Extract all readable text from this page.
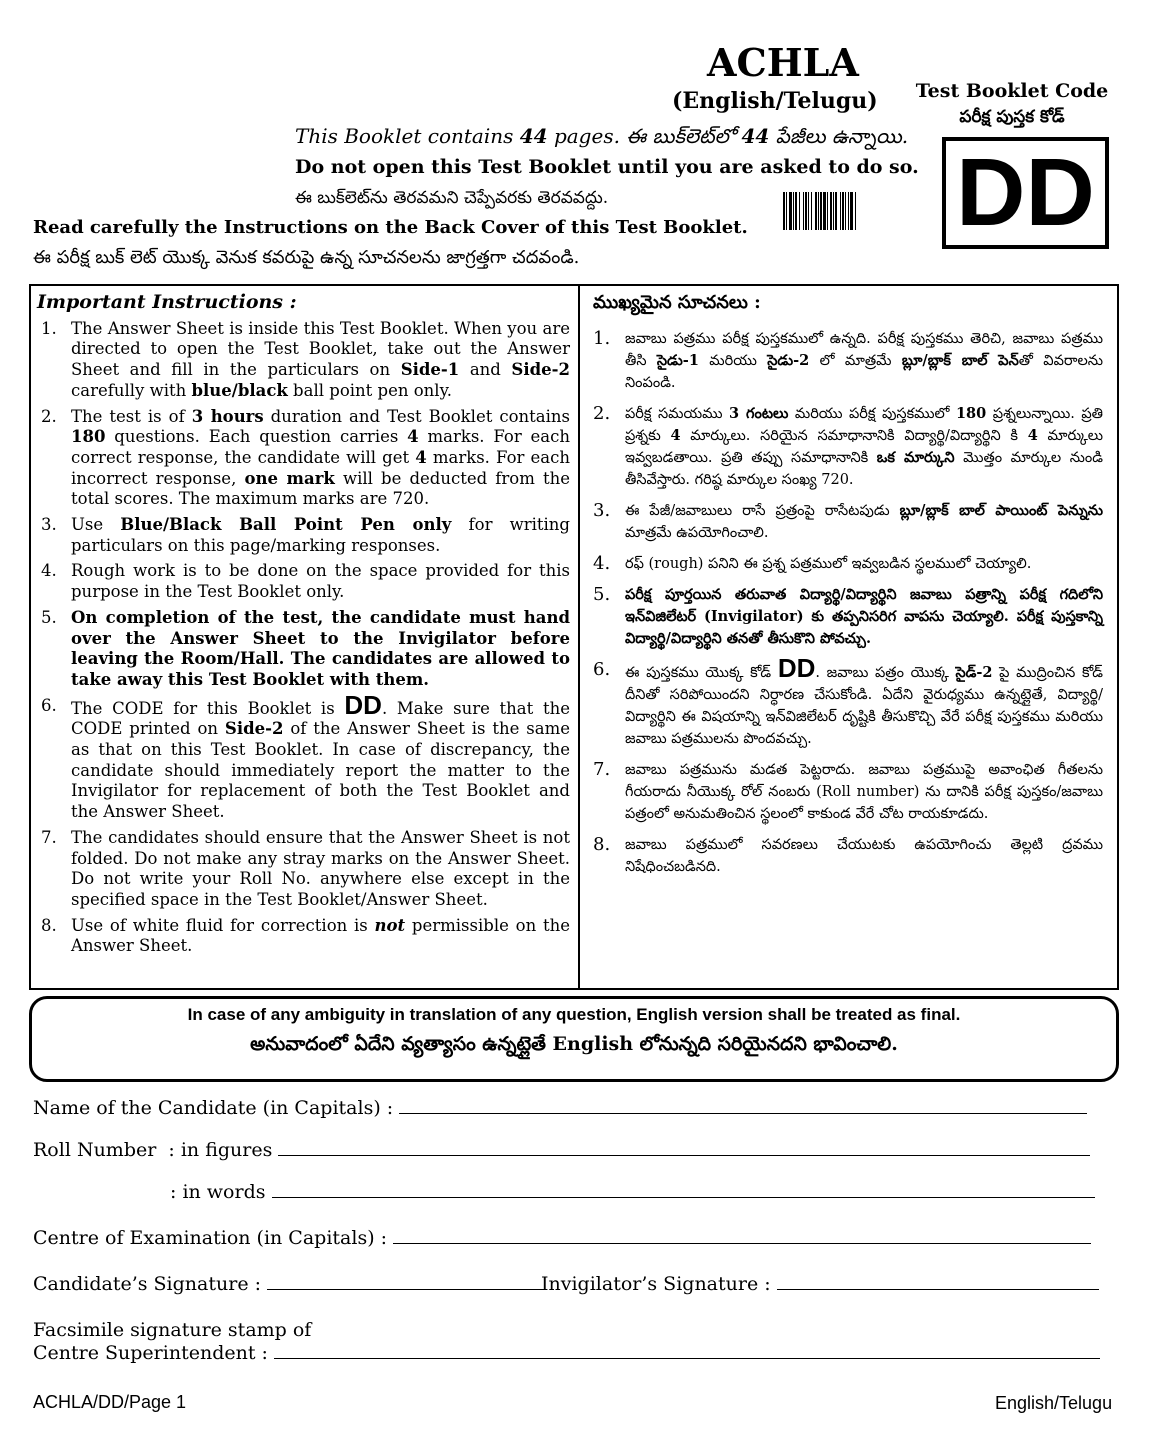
ACHLA
(English/Telugu)
This Booklet contains 44 pages. ఈ బుక్‌లెట్‌లో 44 పేజీలు ఉన్నాయి.
Do not open this Test Booklet until you are asked to do so.
ఈ బుక్‌లెట్‌ను తెరవమని చెప్పేవరకు తెరవవద్దు.
Read carefully the Instructions on the Back Cover of this Test Booklet.
ఈ పరీక్ష బుక్ లెట్ యొక్క వెనుక కవరుపై ఉన్న సూచనలను జాగ్రత్తగా చదవండి.
Test Booklet Code
పరీక్ష పుస్తక కోడ్
DD
Important Instructions :
1. The Answer Sheet is inside this Test Booklet. When you are directed to open the Test Booklet, take out the Answer Sheet and fill in the particulars on Side-1 and Side-2 carefully with blue/black ball point pen only.
2. The test is of 3 hours duration and Test Booklet contains 180 questions. Each question carries 4 marks. For each correct response, the candidate will get 4 marks. For each incorrect response, one mark will be deducted from the total scores. The maximum marks are 720.
3. Use Blue/Black Ball Point Pen only for writing particulars on this page/marking responses.
4. Rough work is to be done on the space provided for this purpose in the Test Booklet only.
5. On completion of the test, the candidate must hand over the Answer Sheet to the Invigilator before leaving the Room/Hall. The candidates are allowed to take away this Test Booklet with them.
6. The CODE for this Booklet is DD. Make sure that the CODE printed on Side-2 of the Answer Sheet is the same as that on this Test Booklet. In case of discrepancy, the candidate should immediately report the matter to the Invigilator for replacement of both the Test Booklet and the Answer Sheet.
7. The candidates should ensure that the Answer Sheet is not folded. Do not make any stray marks on the Answer Sheet. Do not write your Roll No. anywhere else except in the specified space in the Test Booklet/Answer Sheet.
8. Use of white fluid for correction is not permissible on the Answer Sheet.
ముఖ్యమైన సూచనలు :
1. జవాబు పత్రము పరీక్ష పుస్తకములో ఉన్నది. పరీక్ష పుస్తకము తెరిచి, జవాబు పత్రము తీసి సైడు-1 మరియు సైడు-2 లో మాత్రమే బ్లూ/బ్లాక్ బాల్ పెన్‌తో వివరాలను నింపండి.
2. పరీక్ష సమయము 3 గంటలు మరియు పరీక్ష పుస్తకములో 180 ప్రశ్నలున్నాయి. ప్రతి ప్రశ్నకు 4 మార్కులు. సరియైన సమాధానానికి విద్యార్థి/విద్యార్థిని కి 4 మార్కులు ఇవ్వబడతాయి. ప్రతి తప్పు సమాధానానికి ఒక మార్కుని మొత్తం మార్కుల నుండి తీసివేస్తారు. గరిష్ఠ మార్కుల సంఖ్య 720.
3. ఈ పేజీ/జవాబులు రాసే ప్రత్రంపై రాసేటపుడు బ్లూ/బ్లాక్ బాల్ పాయింట్ పెన్నును మాత్రమే ఉపయోగించాలి.
4. రఫ్ (rough) పనిని ఈ ప్రశ్న పత్రములో ఇవ్వబడిన స్థలములో చెయ్యాలి.
5. పరీక్ష పూర్తయిన తరువాత విద్యార్థి/విద్యార్థిని జవాబు పత్రాన్ని పరీక్ష గదిలోని ఇన్‌విజిలేటర్ (Invigilator) కు తప్పనిసరిగ వాపసు చెయ్యాలి. పరీక్ష పుస్తకాన్ని విద్యార్థి/విద్యార్థిని తనతో తీసుకొని పోవచ్చు.
6. ఈ పుస్తకము యొక్క కోడ్ DD. జవాబు పత్రం యొక్క సైడ్-2 పై ముద్రించిన కోడ్ దీనితో సరిపోయిందని నిర్ధారణ చేసుకోండి. ఏదేని వైరుధ్యము ఉన్నట్లైతే, విద్యార్థి/విద్యార్థిని ఈ విషయాన్ని ఇన్‌విజిలేటర్ దృష్టికి తీసుకొచ్చి వేరే పరీక్ష పుస్తకము మరియు జవాబు పత్రములను పొందవచ్చు.
7. జవాబు పత్రమును మడత పెట్టరాదు. జవాబు పత్రముపై అవాంఛిత గీతలను గీయరాదు నీయొక్క రోల్ నంబరు (Roll number) ను దానికి పరీక్ష పుస్తకం/జవాబు పత్రంలో అనుమతించిన స్థలంలో కాకుండ వేరే చోట రాయకూడదు.
8. జవాబు పత్రములో సవరణలు చేయుటకు ఉపయోగించు తెల్లటి ద్రవము నిషేధించబడినది.
In case of any ambiguity in translation of any question, English version shall be treated as final.
అనువాదంలో ఏదేని వ్యత్యాసం ఉన్నట్లైతే English లోనున్నది సరియైనదని భావించాలి.
Name of the Candidate (in Capitals) :
Roll Number : in figures
: in words
Centre of Examination (in Capitals) :
Candidate’s Signature :	Invigilator’s Signature :
Facsimile signature stamp of
Centre Superintendent :
ACHLA/DD/Page 1	English/Telugu
